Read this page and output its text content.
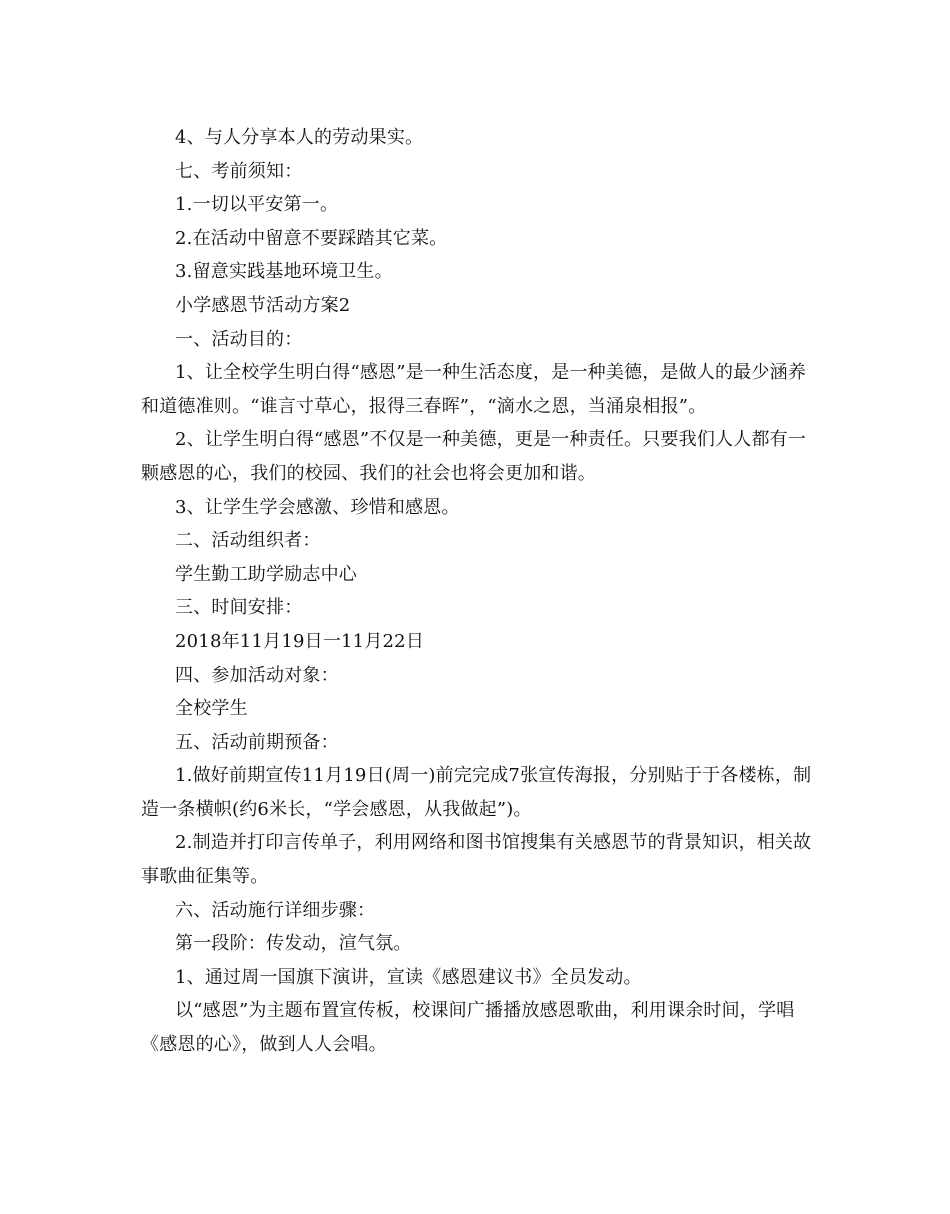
4、与人分享本人的劳动果实。

七、考前须知：

1.一切以平安第一。

2.在活动中留意不要踩踏其它菜。

3.留意实践基地环境卫生。

小学感恩节活动方案2

一、活动目的：

1、让全校学生明白得“感恩”是一种生活态度，是一种美德，是做人的最少涵养和道德准则。“谁言寸草心，报得三春晖”，“滴水之恩，当涌泉相报”。

2、让学生明白得“感恩”不仅是一种美德，更是一种责任。只要我们人人都有一颗感恩的心，我们的校园、我们的社会也将会更加和谐。

3、让学生学会感激、珍惜和感恩。

二、活动组织者：

学生勤工助学励志中心

三、时间安排：

2018年11月19日一11月22日

四、参加活动对象：

全校学生

五、活动前期预备：

1.做好前期宣传11月19日(周一)前完完成7张宣传海报，分别贴于于各楼栋，制造一条横帜(约6米长，“学会感恩，从我做起”)。

2.制造并打印言传单子，利用网络和图书馆搜集有关感恩节的背景知识，相关故事歌曲征集等。

六、活动施行详细步骤：

第一段阶：传发动，渲气氛。

1、通过周一国旗下演讲，宣读《感恩建议书》全员发动。

以“感恩”为主题布置宣传板，校课间广播播放感恩歌曲，利用课余时间，学唱《感恩的心》，做到人人会唱。
